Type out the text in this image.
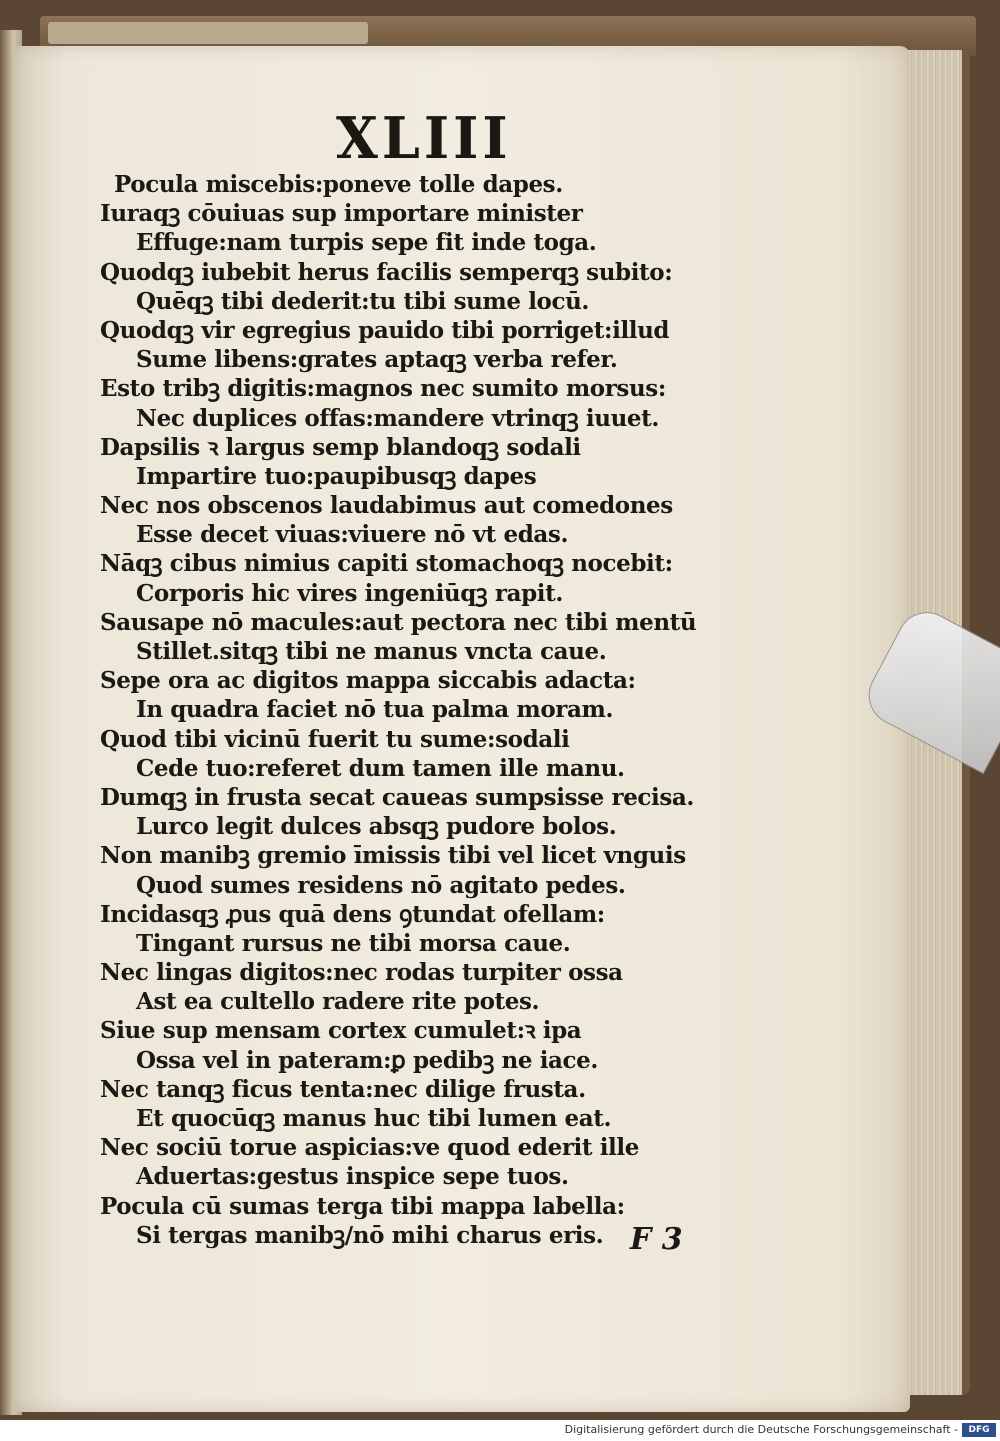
XLIII
Pocula miscebis:poneve tolle dapes.
Iuraqꝫ cōuiuas sup importare minister
Effuge:nam turpis sepe fit inde toga.
Quodqꝫ iubebit herus facilis semperqꝫ subito:
Quēqꝫ tibi dederit:tu tibi sume locū.
Quodqꝫ vir egregius pauido tibi porriget:illud
Sume libens:grates aptaqꝫ verba refer.
Esto tribꝫ digitis:magnos nec sumito morsus:
Nec duplices offas:mandere vtrinqꝫ iuuet.
Dapsilis ꝛ largus semp blandoqꝫ sodali
Impartire tuo:paupibusqꝫ dapes
Nec nos obscenos laudabimus aut comedones
Esse decet viuas:viuere nō vt edas.
Nāqꝫ cibus nimius capiti stomachoqꝫ nocebit:
Corporis hic vires ingeniūqꝫ rapit.
Sausape nō macules:aut pectora nec tibi mentū
Stillet.sitqꝫ tibi ne manus vncta caue.
Sepe ora ac digitos mappa siccabis adacta:
In quadra faciet nō tua palma moram.
Quod tibi vicinū fuerit tu sume:sodali
Cede tuo:referet dum tamen ille manu.
Dumqꝫ in frusta secat caueas sumpsisse recisa.
Lurco legit dulces absqꝫ pudore bolos.
Non manibꝫ gremio īmissis tibi vel licet vnguis
Quod sumes residens nō agitato pedes.
Incidasqꝫ ꝓus quā dens ꝯtundat ofellam:
Tingant rursus ne tibi morsa caue.
Nec lingas digitos:nec rodas turpiter ossa
Ast ea cultello radere rite potes.
Siue sup mensam cortex cumulet:ꝛ ipa
Ossa vel in pateram:ꝑ pedibꝫ ne iace.
Nec tanqꝫ ficus tenta:nec dilige frusta.
Et quocūqꝫ manus huc tibi lumen eat.
Nec sociū torue aspicias:ve quod ederit ille
Aduertas:gestus inspice sepe tuos.
Pocula cū sumas terga tibi mappa labella:
Si tergas manibꝫ/nō mihi charus eris. F 3
Digitalisierung gefördert durch die Deutsche Forschungsgemeinschaft -	DFG
